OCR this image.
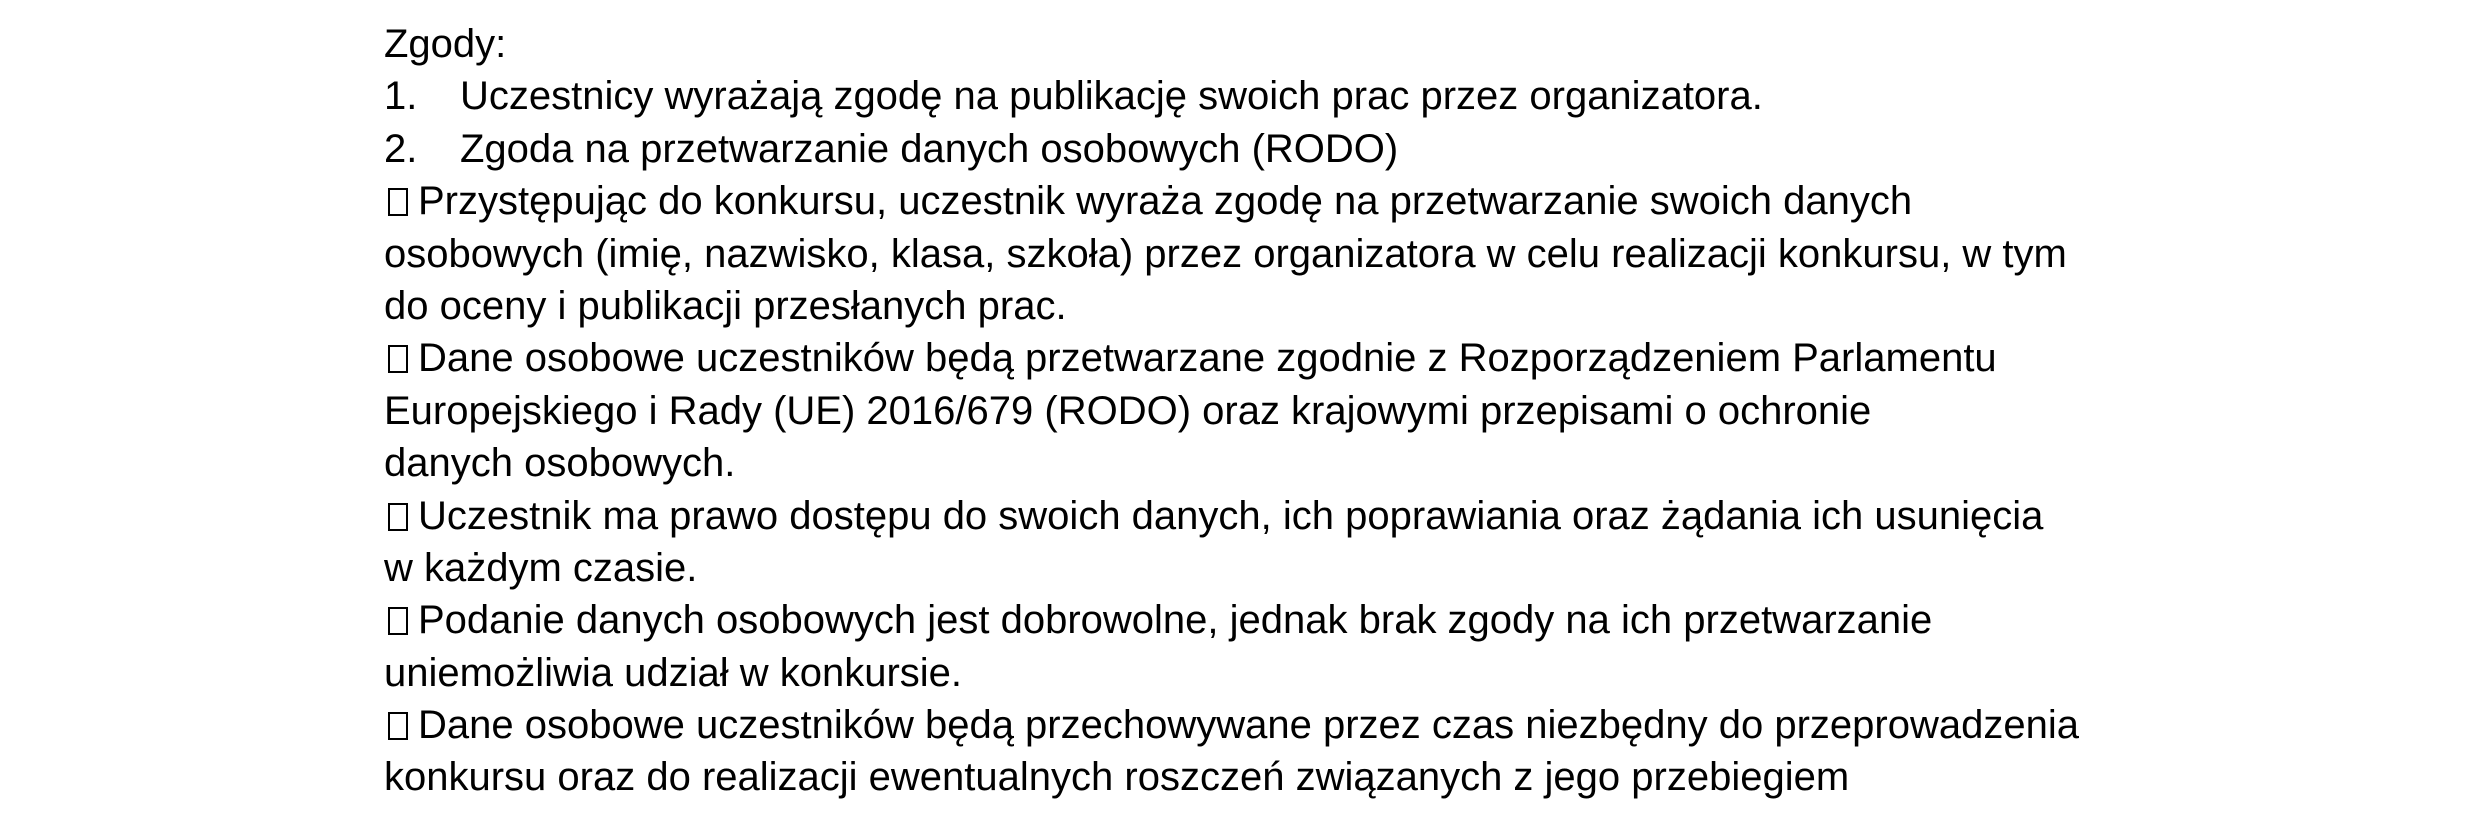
Zgody:
1. Uczestnicy wyrażają zgodę na publikację swoich prac przez organizatora.
2. Zgoda na przetwarzanie danych osobowych (RODO)
Przystępując do konkursu, uczestnik wyraża zgodę na przetwarzanie swoich danych
osobowych (imię, nazwisko, klasa, szkoła) przez organizatora w celu realizacji konkursu, w tym
do oceny i publikacji przesłanych prac.
Dane osobowe uczestników będą przetwarzane zgodnie z Rozporządzeniem Parlamentu
Europejskiego i Rady (UE) 2016/679 (RODO) oraz krajowymi przepisami o ochronie
danych osobowych.
Uczestnik ma prawo dostępu do swoich danych, ich poprawiania oraz żądania ich usunięcia
w każdym czasie.
Podanie danych osobowych jest dobrowolne, jednak brak zgody na ich przetwarzanie
uniemożliwia udział w konkursie.
Dane osobowe uczestników będą przechowywane przez czas niezbędny do przeprowadzenia
konkursu oraz do realizacji ewentualnych roszczeń związanych z jego przebiegiem
